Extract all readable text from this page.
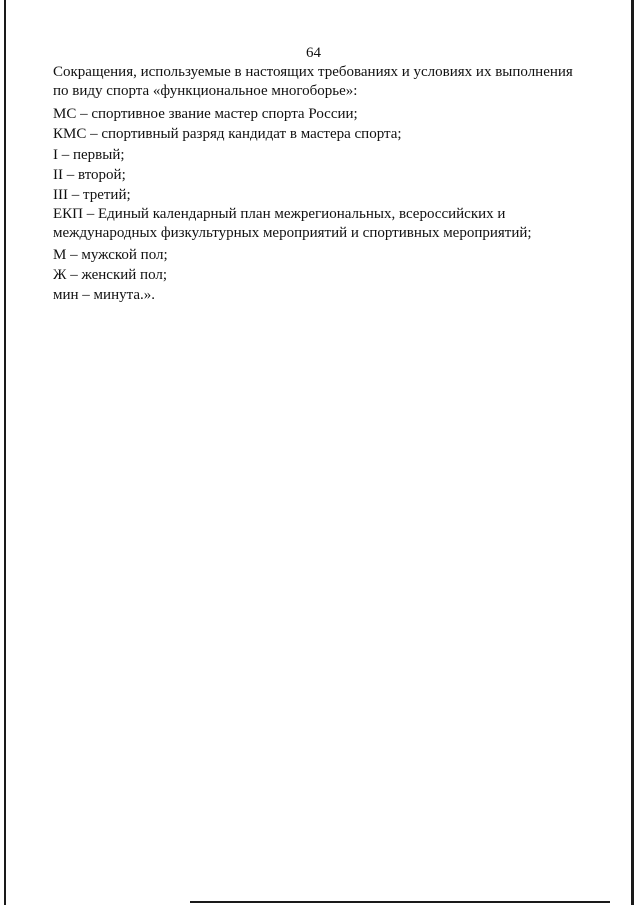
64
Сокращения, используемые в настоящих требованиях и условиях их выполнения
по виду спорта «функциональное многоборье»:
МС – спортивное звание мастер спорта России;
КМС – спортивный разряд кандидат в мастера спорта;
I – первый;
II – второй;
III – третий;
ЕКП – Единый календарный план межрегиональных, всероссийских и
международных физкультурных мероприятий и спортивных мероприятий;
М – мужской пол;
Ж – женский пол;
мин – минута.».
